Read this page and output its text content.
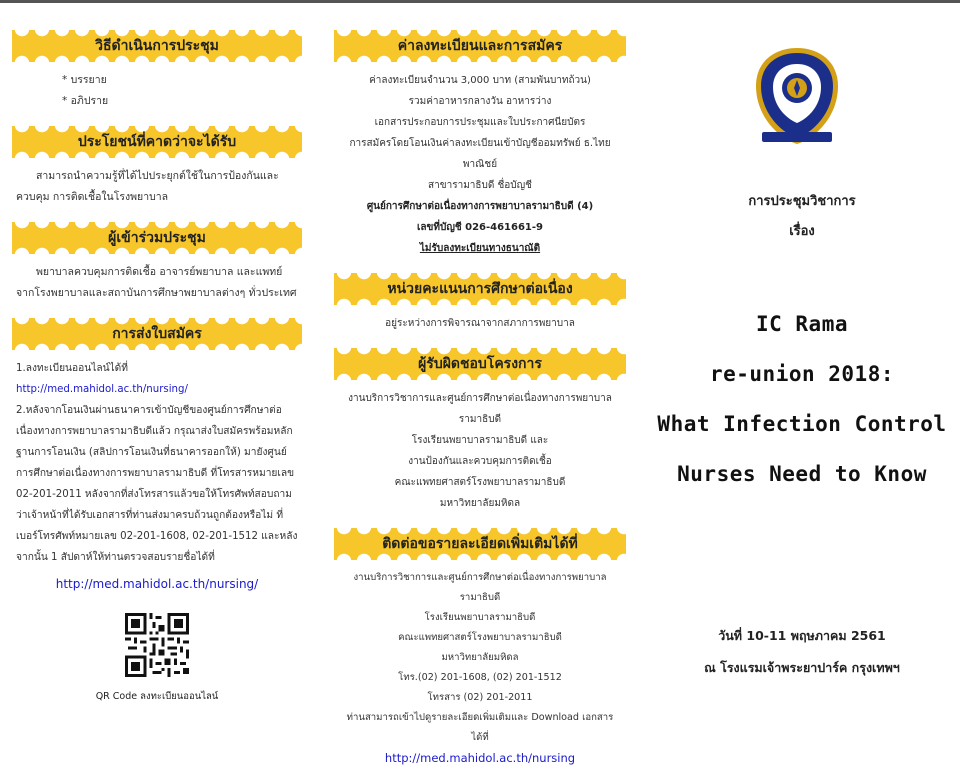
วิธีดำเนินการประชุม
* บรรยาย
* อภิปราย
ประโยชน์ที่คาดว่าจะได้รับ
สามารถนำความรู้ที่ได้ไปประยุกต์ใช้ในการป้องกันและควบคุม การติดเชื้อในโรงพยาบาล
ผู้เข้าร่วมประชุม
พยาบาลควบคุมการติดเชื้อ อาจารย์พยาบาล และแพทย์ จากโรงพยาบาลและสถาบันการศึกษาพยาบาลต่างๆ ทั่วประเทศ
การส่งใบสมัคร
1.ลงทะเบียนออนไลน์ได้ที่ http://med.mahidol.ac.th/nursing/
2.หลังจากโอนเงินผ่านธนาคารเข้าบัญชีของศูนย์การศึกษาต่อเนื่องทางการพยาบาลรามาธิบดีแล้ว กรุณาส่งใบสมัครพร้อมหลักฐานการโอนเงิน (สลิปการโอนเงินที่ธนาคารออกให้) มายังศูนย์การศึกษาต่อเนื่องทางการพยาบาลรามาธิบดี ที่โทรสารหมายเลข 02-201-2011 หลังจากที่ส่งโทรสารแล้วขอให้โทรศัพท์สอบถามว่าเจ้าหน้าที่ได้รับเอกสารที่ท่านส่งมาครบถ้วนถูกต้องหรือไม่ ที่เบอร์โทรศัพท์หมายเลข 02-201-1608, 02-201-1512 และหลังจากนั้น 1 สัปดาห์ให้ท่านตรวจสอบรายชื่อได้ที่
http://med.mahidol.ac.th/nursing/
QR Code ลงทะเบียนออนไลน์
ค่าลงทะเบียนและการสมัคร
ค่าลงทะเบียนจำนวน 3,000 บาท (สามพันบาทถ้วน)
รวมค่าอาหารกลางวัน อาหารว่าง
เอกสารประกอบการประชุมและใบประกาศนียบัตร
การสมัครโดยโอนเงินค่าลงทะเบียนเข้าบัญชีออมทรัพย์ ธ.ไทยพาณิชย์
สาขารามาธิบดี ชื่อบัญชี
ศูนย์การศึกษาต่อเนื่องทางการพยาบาลรามาธิบดี (4)
เลขที่บัญชี 026-461661-9
ไม่รับลงทะเบียนทางธนาณัติ
หน่วยคะแนนการศึกษาต่อเนื่อง
อยู่ระหว่างการพิจารณาจากสภาการพยาบาล
ผู้รับผิดชอบโครงการ
งานบริการวิชาการและศูนย์การศึกษาต่อเนื่องทางการพยาบาลรามาธิบดี
โรงเรียนพยาบาลรามาธิบดี และ
งานป้องกันและควบคุมการติดเชื้อ
คณะแพทยศาสตร์โรงพยาบาลรามาธิบดี
มหาวิทยาลัยมหิดล
ติดต่อขอรายละเอียดเพิ่มเติมได้ที่
งานบริการวิชาการและศูนย์การศึกษาต่อเนื่องทางการพยาบาลรามาธิบดี
โรงเรียนพยาบาลรามาธิบดี
คณะแพทยศาสตร์โรงพยาบาลรามาธิบดี
มหาวิทยาลัยมหิดล
โทร.(02) 201-1608, (02) 201-1512
โทรสาร (02) 201-2011
ท่านสามารถเข้าไปดูรายละเอียดเพิ่มเติมและ Download เอกสารได้ที่
http://med.mahidol.ac.th/nursing
การประชุมวิชาการ
เรื่อง
IC Rama
re-union 2018:
What Infection Control
Nurses Need to Know
วันที่ 10-11 พฤษภาคม 2561
ณ โรงแรมเจ้าพระยาปาร์ค กรุงเทพฯ
